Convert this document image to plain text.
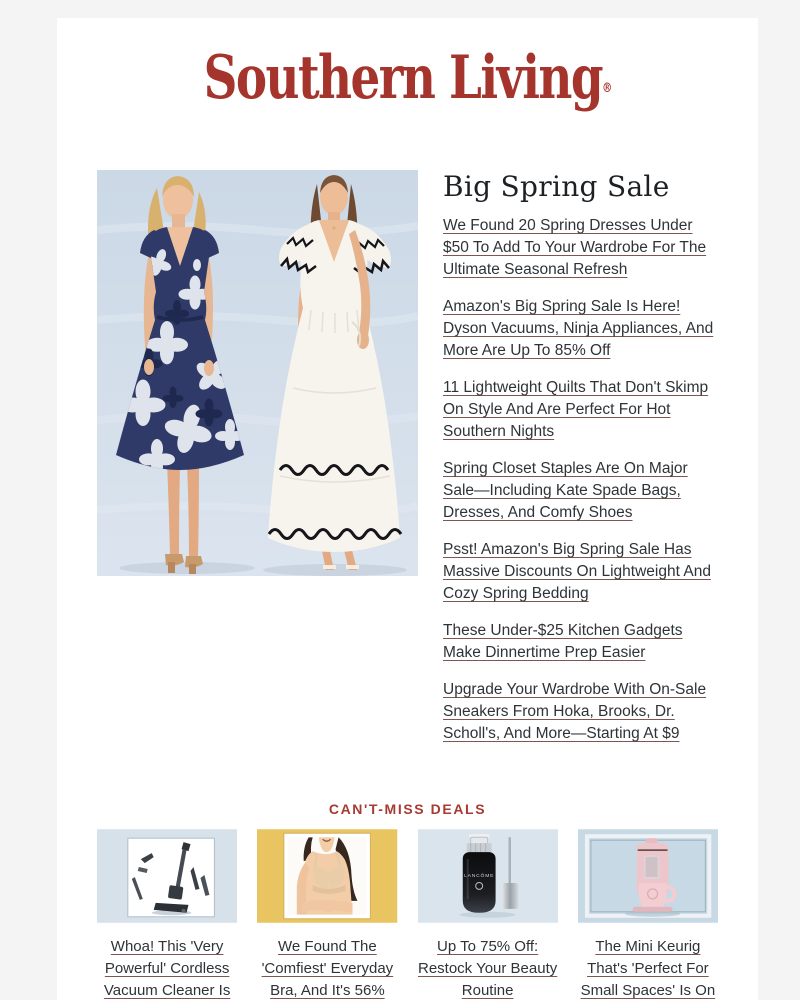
Southern Living®
Big Spring Sale
We Found 20 Spring Dresses Under $50 To Add To Your Wardrobe For The Ultimate Seasonal Refresh
Amazon's Big Spring Sale Is Here! Dyson Vacuums, Ninja Appliances, And More Are Up To 85% Off
11 Lightweight Quilts That Don't Skimp On Style And Are Perfect For Hot Southern Nights
Spring Closet Staples Are On Major Sale—Including Kate Spade Bags, Dresses, And Comfy Shoes
Psst! Amazon's Big Spring Sale Has Massive Discounts On Lightweight And Cozy Spring Bedding
These Under-$25 Kitchen Gadgets Make Dinnertime Prep Easier
Upgrade Your Wardrobe With On-Sale Sneakers From Hoka, Brooks, Dr. Scholl's, And More—Starting At $9
CAN'T-MISS DEALS
Whoa! This 'Very Powerful' Cordless Vacuum Cleaner Is
We Found The 'Comfiest' Everyday Bra, And It's 56%
LANCÔME
Up To 75% Off: Restock Your Beauty Routine
The Mini Keurig That's 'Perfect For Small Spaces' Is On
